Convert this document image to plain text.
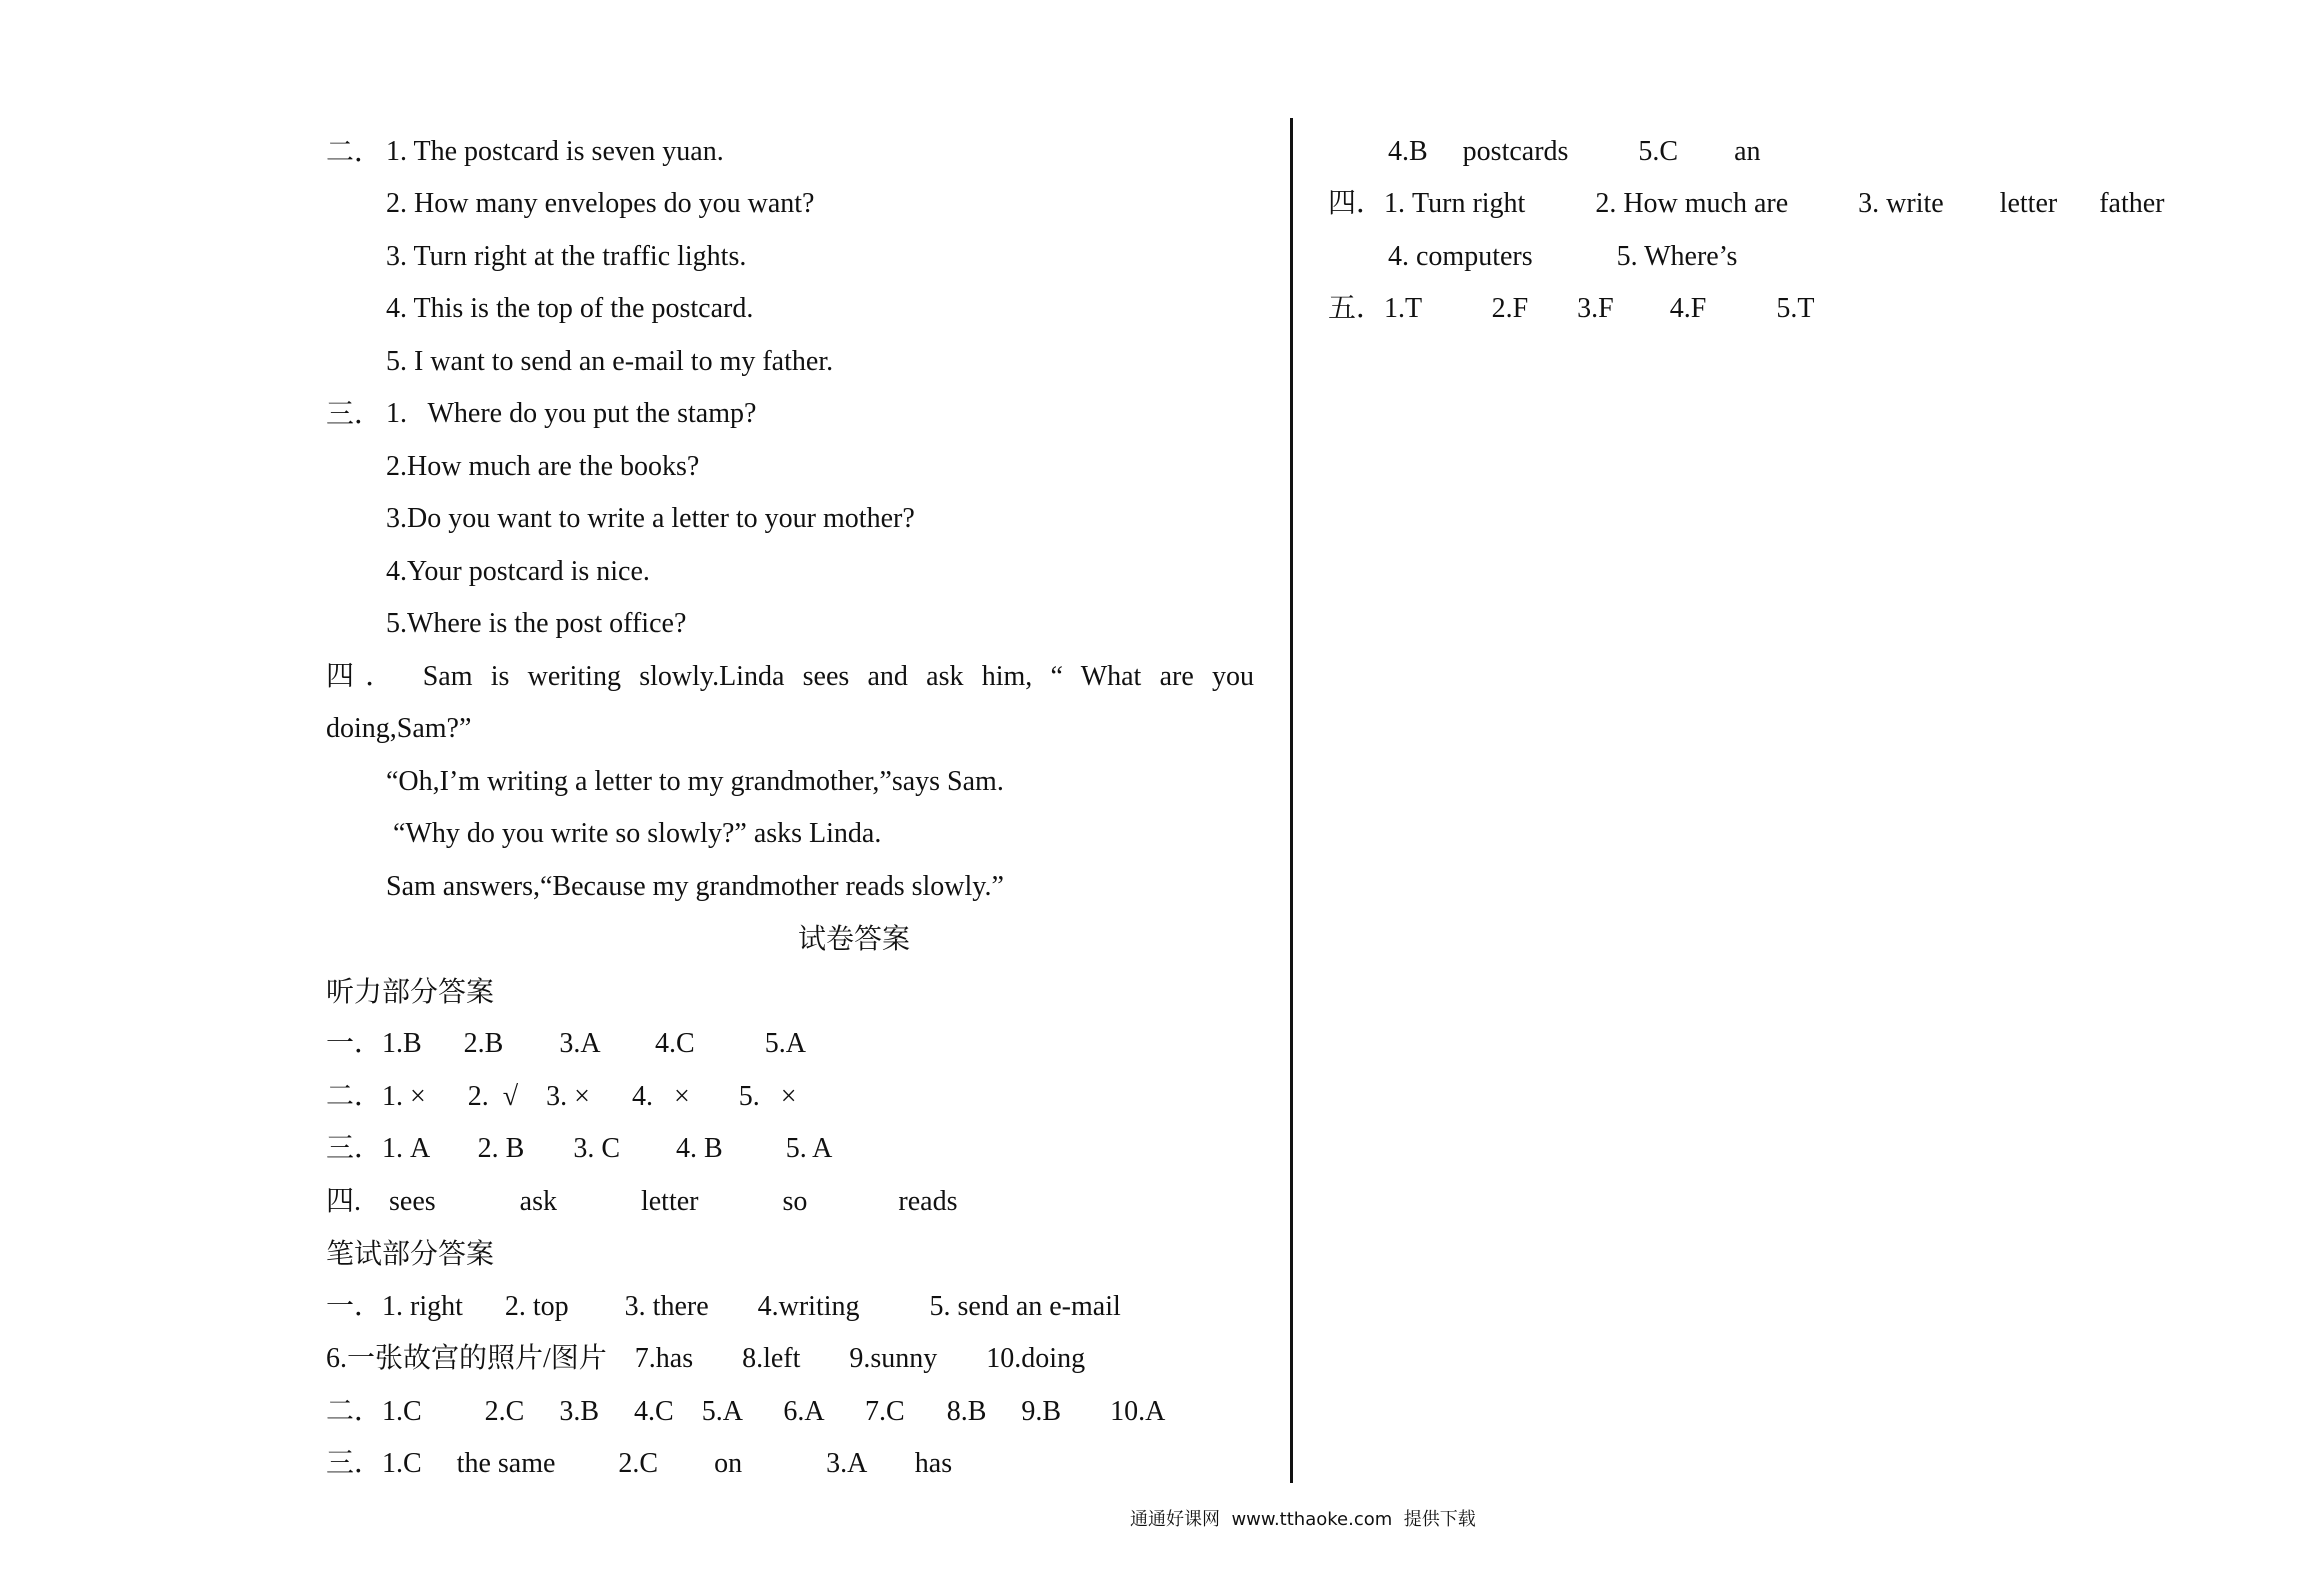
二． 1. The postcard is seven yuan.
2. How many envelopes do you want?
3. Turn right at the traffic lights.
4. This is the top of the postcard.
5. I want to send an e-mail to my father.
三． 1.   Where do you put the stamp?
2.How much are the books?
3.Do you want to write a letter to your mother?
4.Your postcard is nice.
5.Where is the post office?
四． Sam is weriting slowly.Linda sees and ask him, “ What are you
doing,Sam?”
“Oh,I’m writing a letter to my grandmother,”says Sam.
“Why do you write so slowly?” asks Linda.
Sam answers,“Because my grandmother reads slowly.”
试卷答案
听力部分答案
一．1.B      2.B        3.A        4.C          5.A
二．1. ×      2.  √    3. ×      4.   ×       5.   ×
三．1. A       2. B       3. C        4. B         5. A
四.    sees            ask            letter            so             reads
笔试部分答案
一．1. right      2. top        3. there       4.writing          5. send an e-mail
6.一张故宫的照片/图片    7.has       8.left       9.sunny       10.doing
二．1.C         2.C     3.B     4.C    5.A      6.A      7.C      8.B     9.B       10.A
三．1.C     the same         2.C        on            3.A       has
4.B     postcards          5.C        an
四．1. Turn right          2. How much are          3. write        letter      father
4. computers            5. Where’s
五．1.T          2.F       3.F        4.F          5.T
通通好课网  www.tthaoke.com  提供下载
